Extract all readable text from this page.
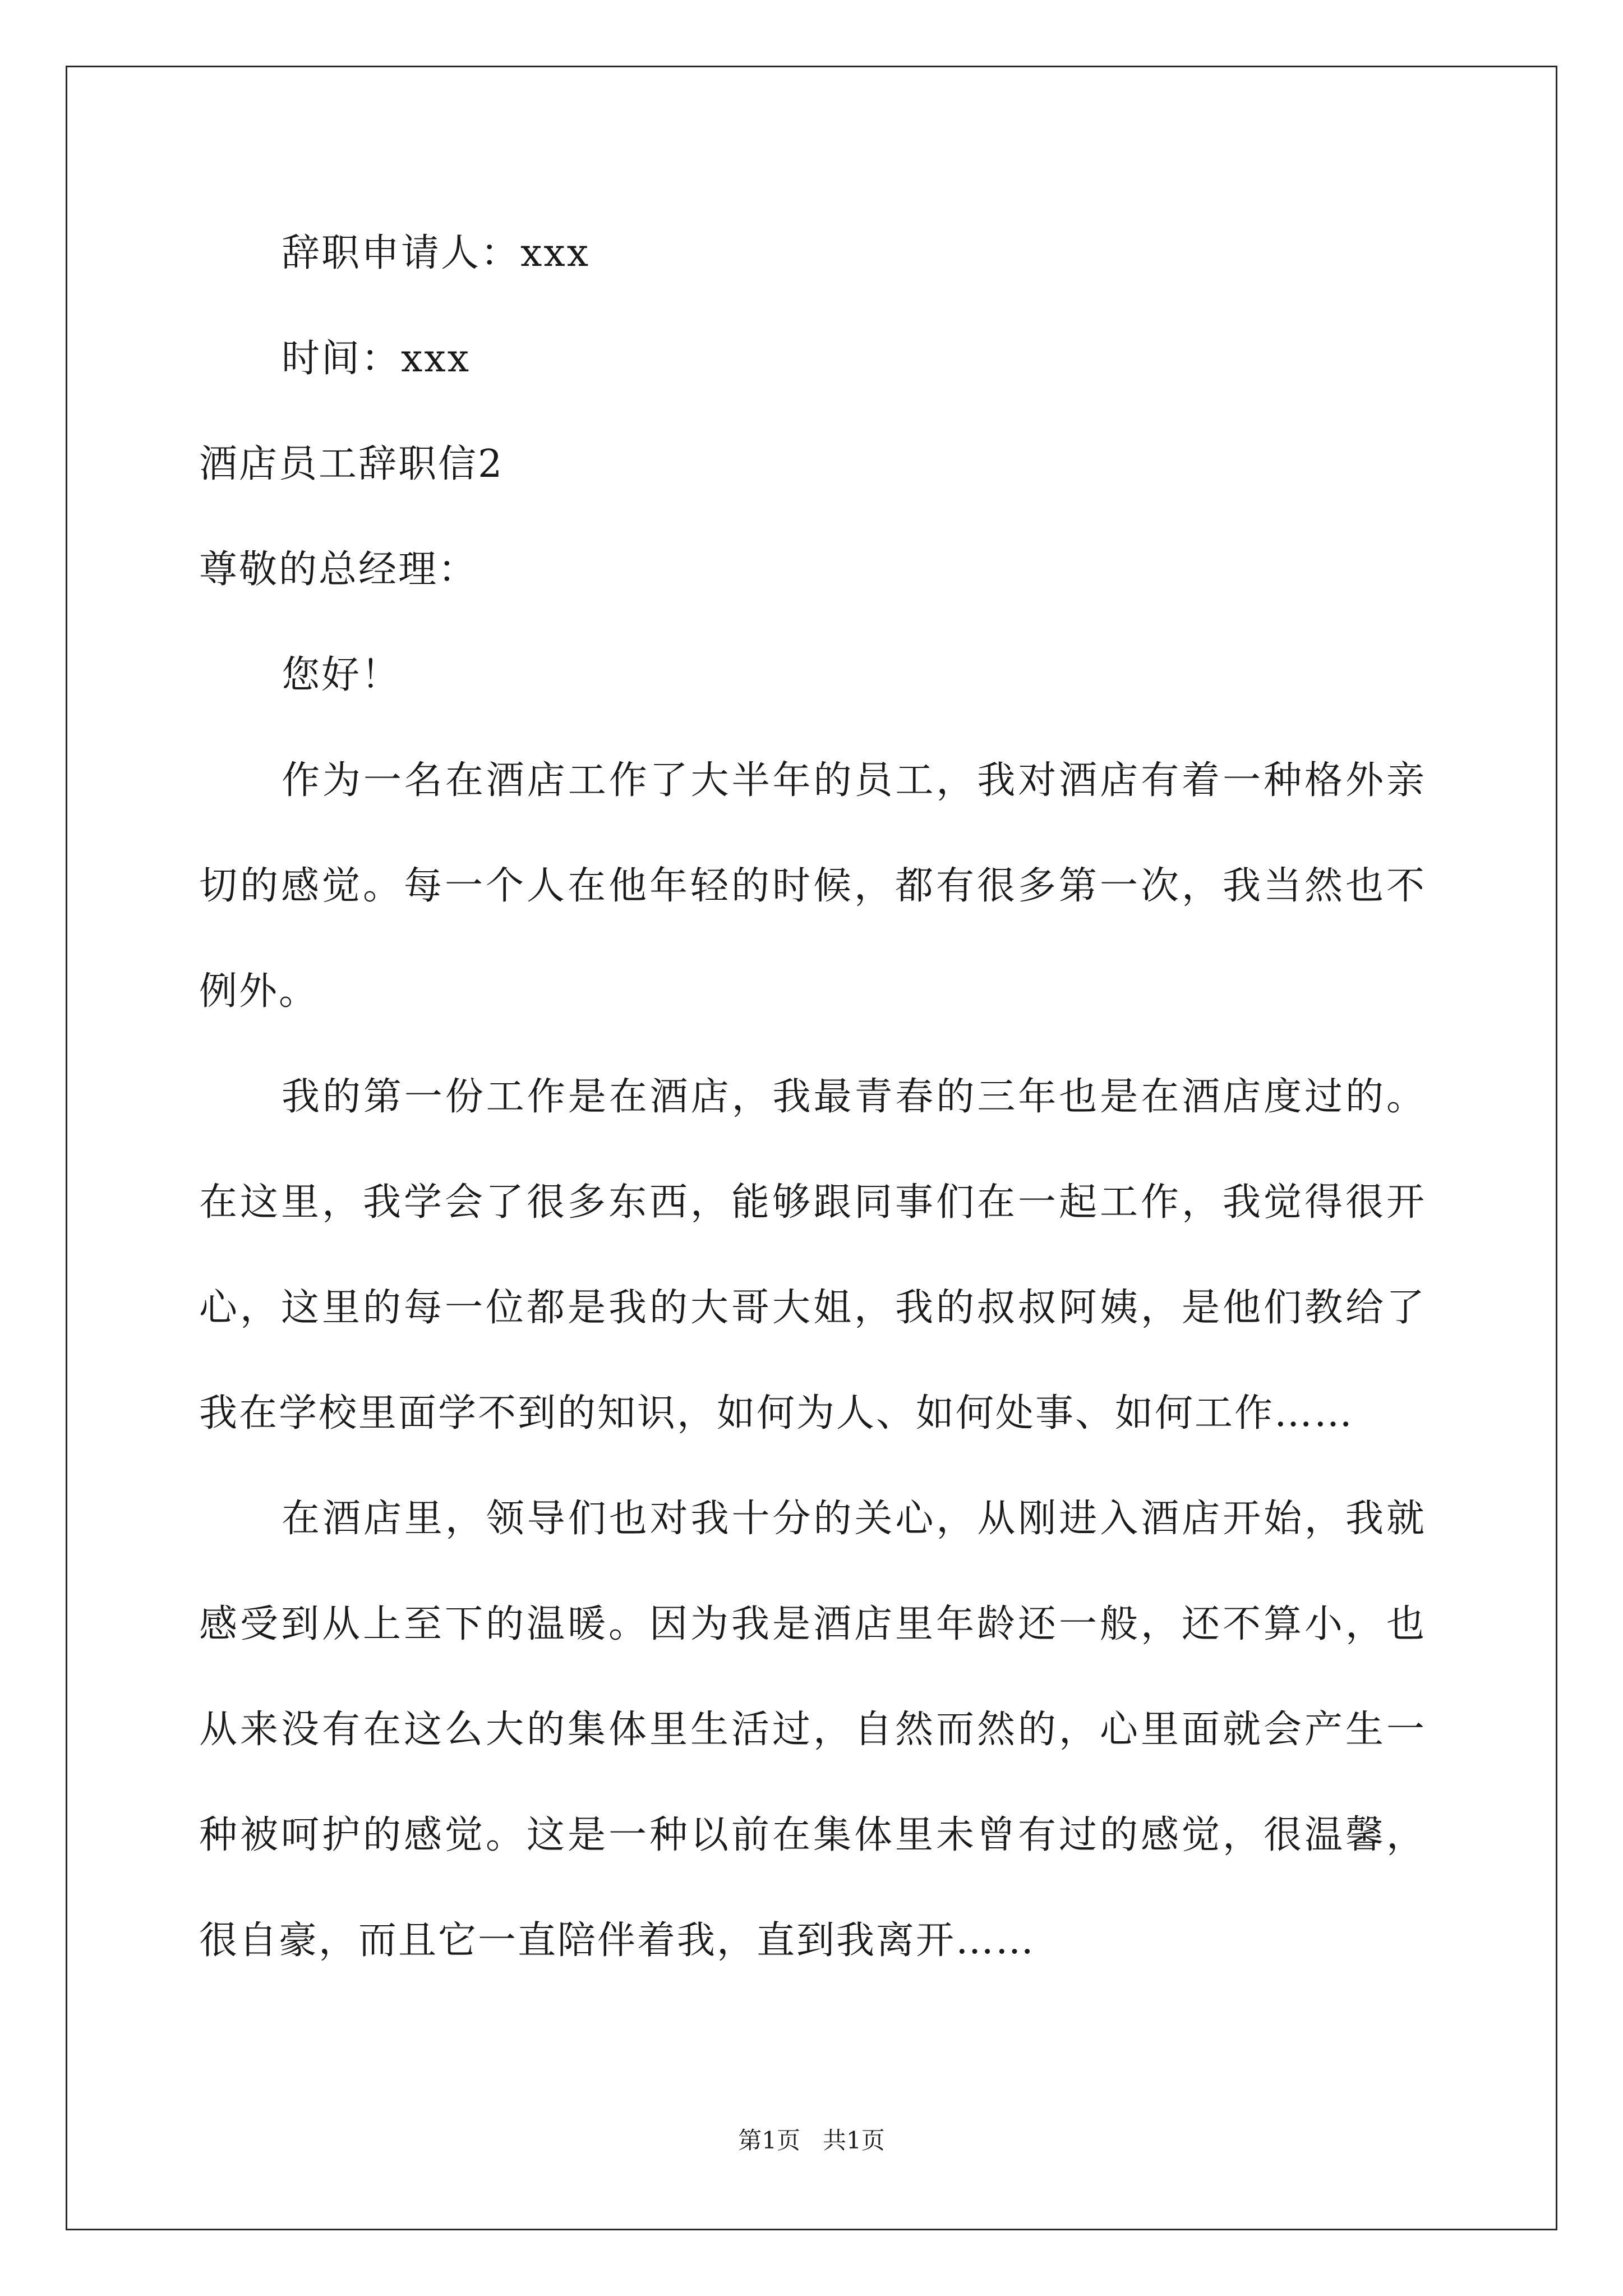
辞职申请人：xxx
时间：xxx
酒店员工辞职信2
尊敬的总经理：
您好！
作为一名在酒店工作了大半年的员工，我对酒店有着一种格外亲
切的感觉。每一个人在他年轻的时候，都有很多第一次，我当然也不
例外。
我的第一份工作是在酒店，我最青春的三年也是在酒店度过的。
在这里，我学会了很多东西，能够跟同事们在一起工作，我觉得很开
心，这里的每一位都是我的大哥大姐，我的叔叔阿姨，是他们教给了
我在学校里面学不到的知识，如何为人、如何处事、如何工作……
在酒店里，领导们也对我十分的关心，从刚进入酒店开始，我就
感受到从上至下的温暖。因为我是酒店里年龄还一般，还不算小，也
从来没有在这么大的集体里生活过，自然而然的，心里面就会产生一
种被呵护的感觉。这是一种以前在集体里未曾有过的感觉，很温馨，
很自豪，而且它一直陪伴着我，直到我离开……
第1页   共1页
